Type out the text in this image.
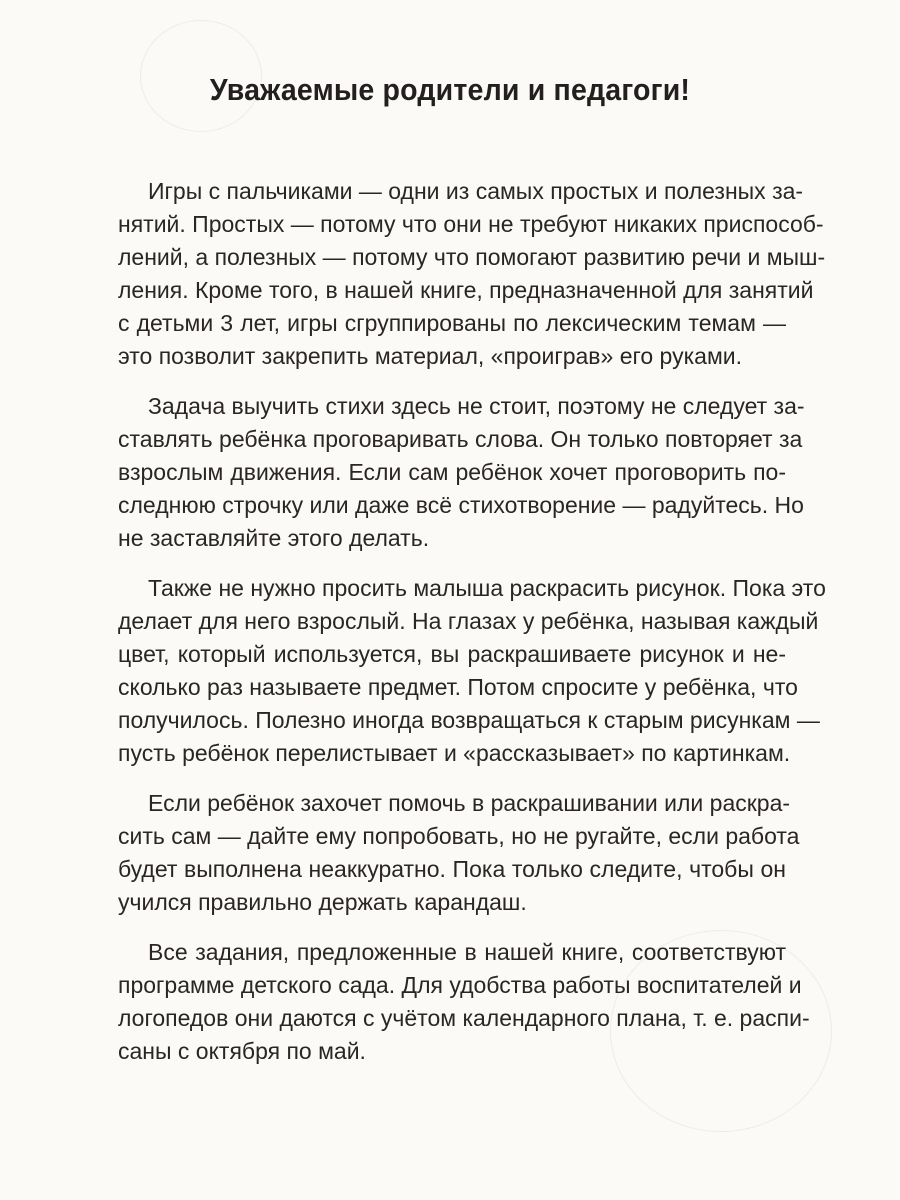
Уважаемые родители и педагоги!
Игры с пальчиками — одни из самых простых и полезных за-
нятий. Простых — потому что они не требуют никаких приспособ-
лений, а полезных — потому что помогают развитию речи и мыш-
ления. Кроме того, в нашей книге, предназначенной для занятий
с детьми 3 лет, игры сгруппированы по лексическим темам —
это позволит закрепить материал, «проиграв» его руками.
Задача выучить стихи здесь не стоит, поэтому не следует за-
ставлять ребёнка проговаривать слова. Он только повторяет за
взрослым движения. Если сам ребёнок хочет проговорить по-
следнюю строчку или даже всё стихотворение — радуйтесь. Но
не заставляйте этого делать.
Также не нужно просить малыша раскрасить рисунок. Пока это
делает для него взрослый. На глазах у ребёнка, называя каждый
цвет, который используется, вы раскрашиваете рисунок и не-
сколько раз называете предмет. Потом спросите у ребёнка, что
получилось. Полезно иногда возвращаться к старым рисункам —
пусть ребёнок перелистывает и «рассказывает» по картинкам.
Если ребёнок захочет помочь в раскрашивании или раскра-
сить сам — дайте ему попробовать, но не ругайте, если работа
будет выполнена неаккуратно. Пока только следите, чтобы он
учился правильно держать карандаш.
Все задания, предложенные в нашей книге, соответствуют
программе детского сада. Для удобства работы воспитателей и
логопедов они даются с учётом календарного плана, т. е. распи-
саны с октября по май.
